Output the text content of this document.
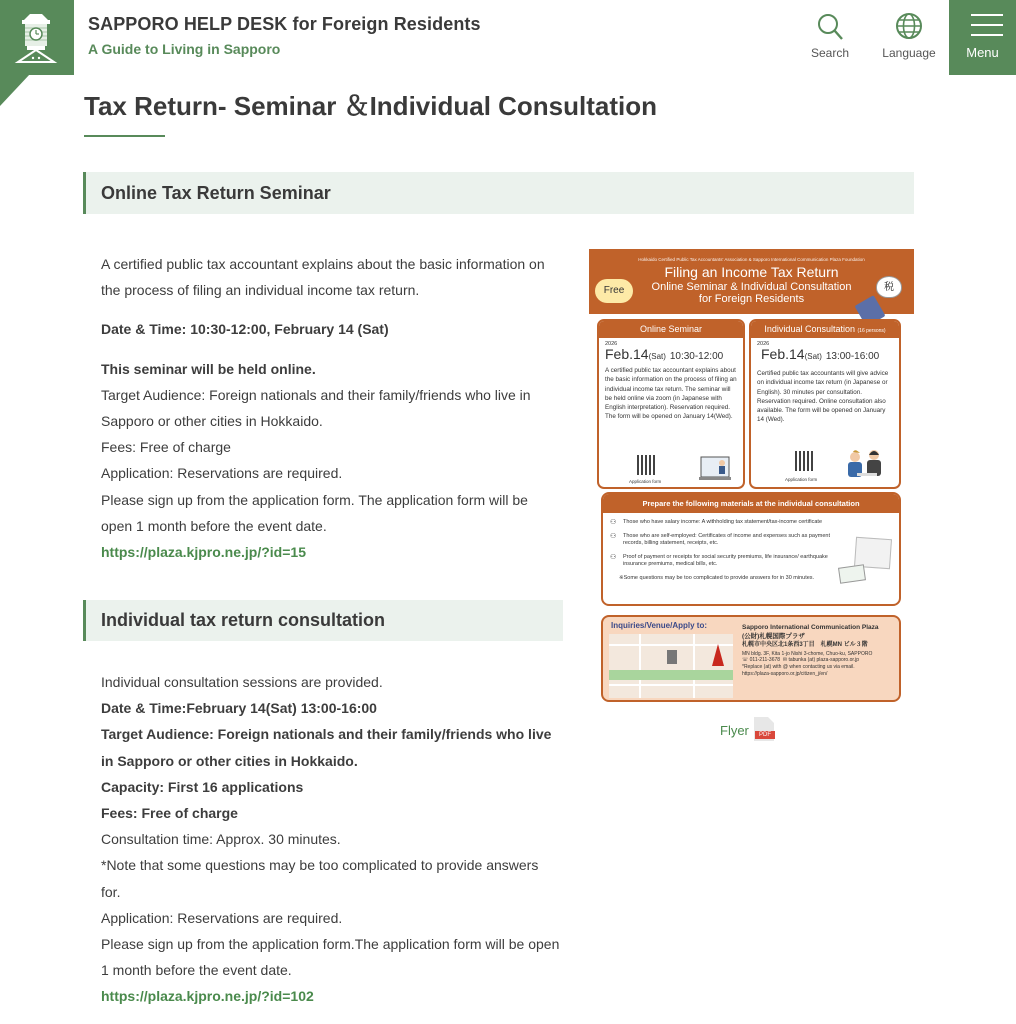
SAPPORO HELP DESK for Foreign Residents
A Guide to Living in Sapporo	Search	Language	Menu
Tax Return- Seminar ＆Individual Consultation
Online Tax Return Seminar

A certified public tax accountant explains about the basic information on the process of filing an individual income tax return.

Date & Time: 10:30-12:00, February 14 (Sat)

This seminar will be held online.

Target Audience: Foreign nationals and their family/friends who live in Sapporo or other cities in Hokkaido.

Fees: Free of charge

Application: Reservations are required.

Please sign up from the application form. The application form will be open 1 month before the event date.

https://plaza.kjpro.ne.jp/?id=15
Individual tax return consultation

Individual consultation sessions are provided.

Date & Time:February 14(Sat) 13:00-16:00

Target Audience: Foreign nationals and their family/friends who live in Sapporo or other cities in Hokkaido.

Capacity: First 16 applications

Fees: Free of charge

Consultation time: Approx. 30 minutes.

*Note that some questions may be too complicated to provide answers for.

Application: Reservations are required.

Please sign up from the application form.The application form will be open 1 month before the event date.

https://plaza.kjpro.ne.jp/?id=102
Hokkaido Certified Public Tax Accountants' Association & Sapporo International Communication Plaza Foundation
Filing an Income Tax Return
Online Seminar & Individual Consultation
for Foreign Residents
Free	税
Online Seminar
2026
Feb.14(Sat) 10:30-12:00
A certified public tax accountant explains about the basic information on the process of filing an individual income tax return. The seminar will be held online via zoom (in Japanese with English interpretation). Reservation required. The form will be opened on January 14(Wed).
Application form
Individual Consultation (16 persons)
2026
Feb.14(Sat) 13:00-16:00
Certified public tax accountants will give advice on individual income tax return (in Japanese or English). 30 minutes per consultation. Reservation required. Online consultation also available. The form will be opened on January 14 (Wed).
Application form
Prepare the following materials at the individual consultation
⚇ Those who have salary income: A withholding tax statement/tax-income certificate
⚇ Those who are self-employed: Certificates of income and expenses such as payment records, billing statement, receipts, etc.
⚇ Proof of payment or receipts for social security premiums, life insurance/ earthquake insurance premiums, medical bills, etc.
※Some questions may be too complicated to provide answers for in 30 minutes.
Inquiries/Venue/Apply to:	Sapporo International Communication Plaza
(公財)札幌国際プラザ
札幌市中央区北1条西3丁目　札幌MN ビル３階
MN bldg. 3F, Kita 1-jo Nishi 3-chome, Chuo-ku, SAPPORO
☏ 011-211-3678 ✉ tabunka (at) plaza-sapporo.or.jp
*Replace (at) with @ when contacting us via email.
https://plaza-sapporo.or.jp/citizen_j/en/
Flyer	PDF
